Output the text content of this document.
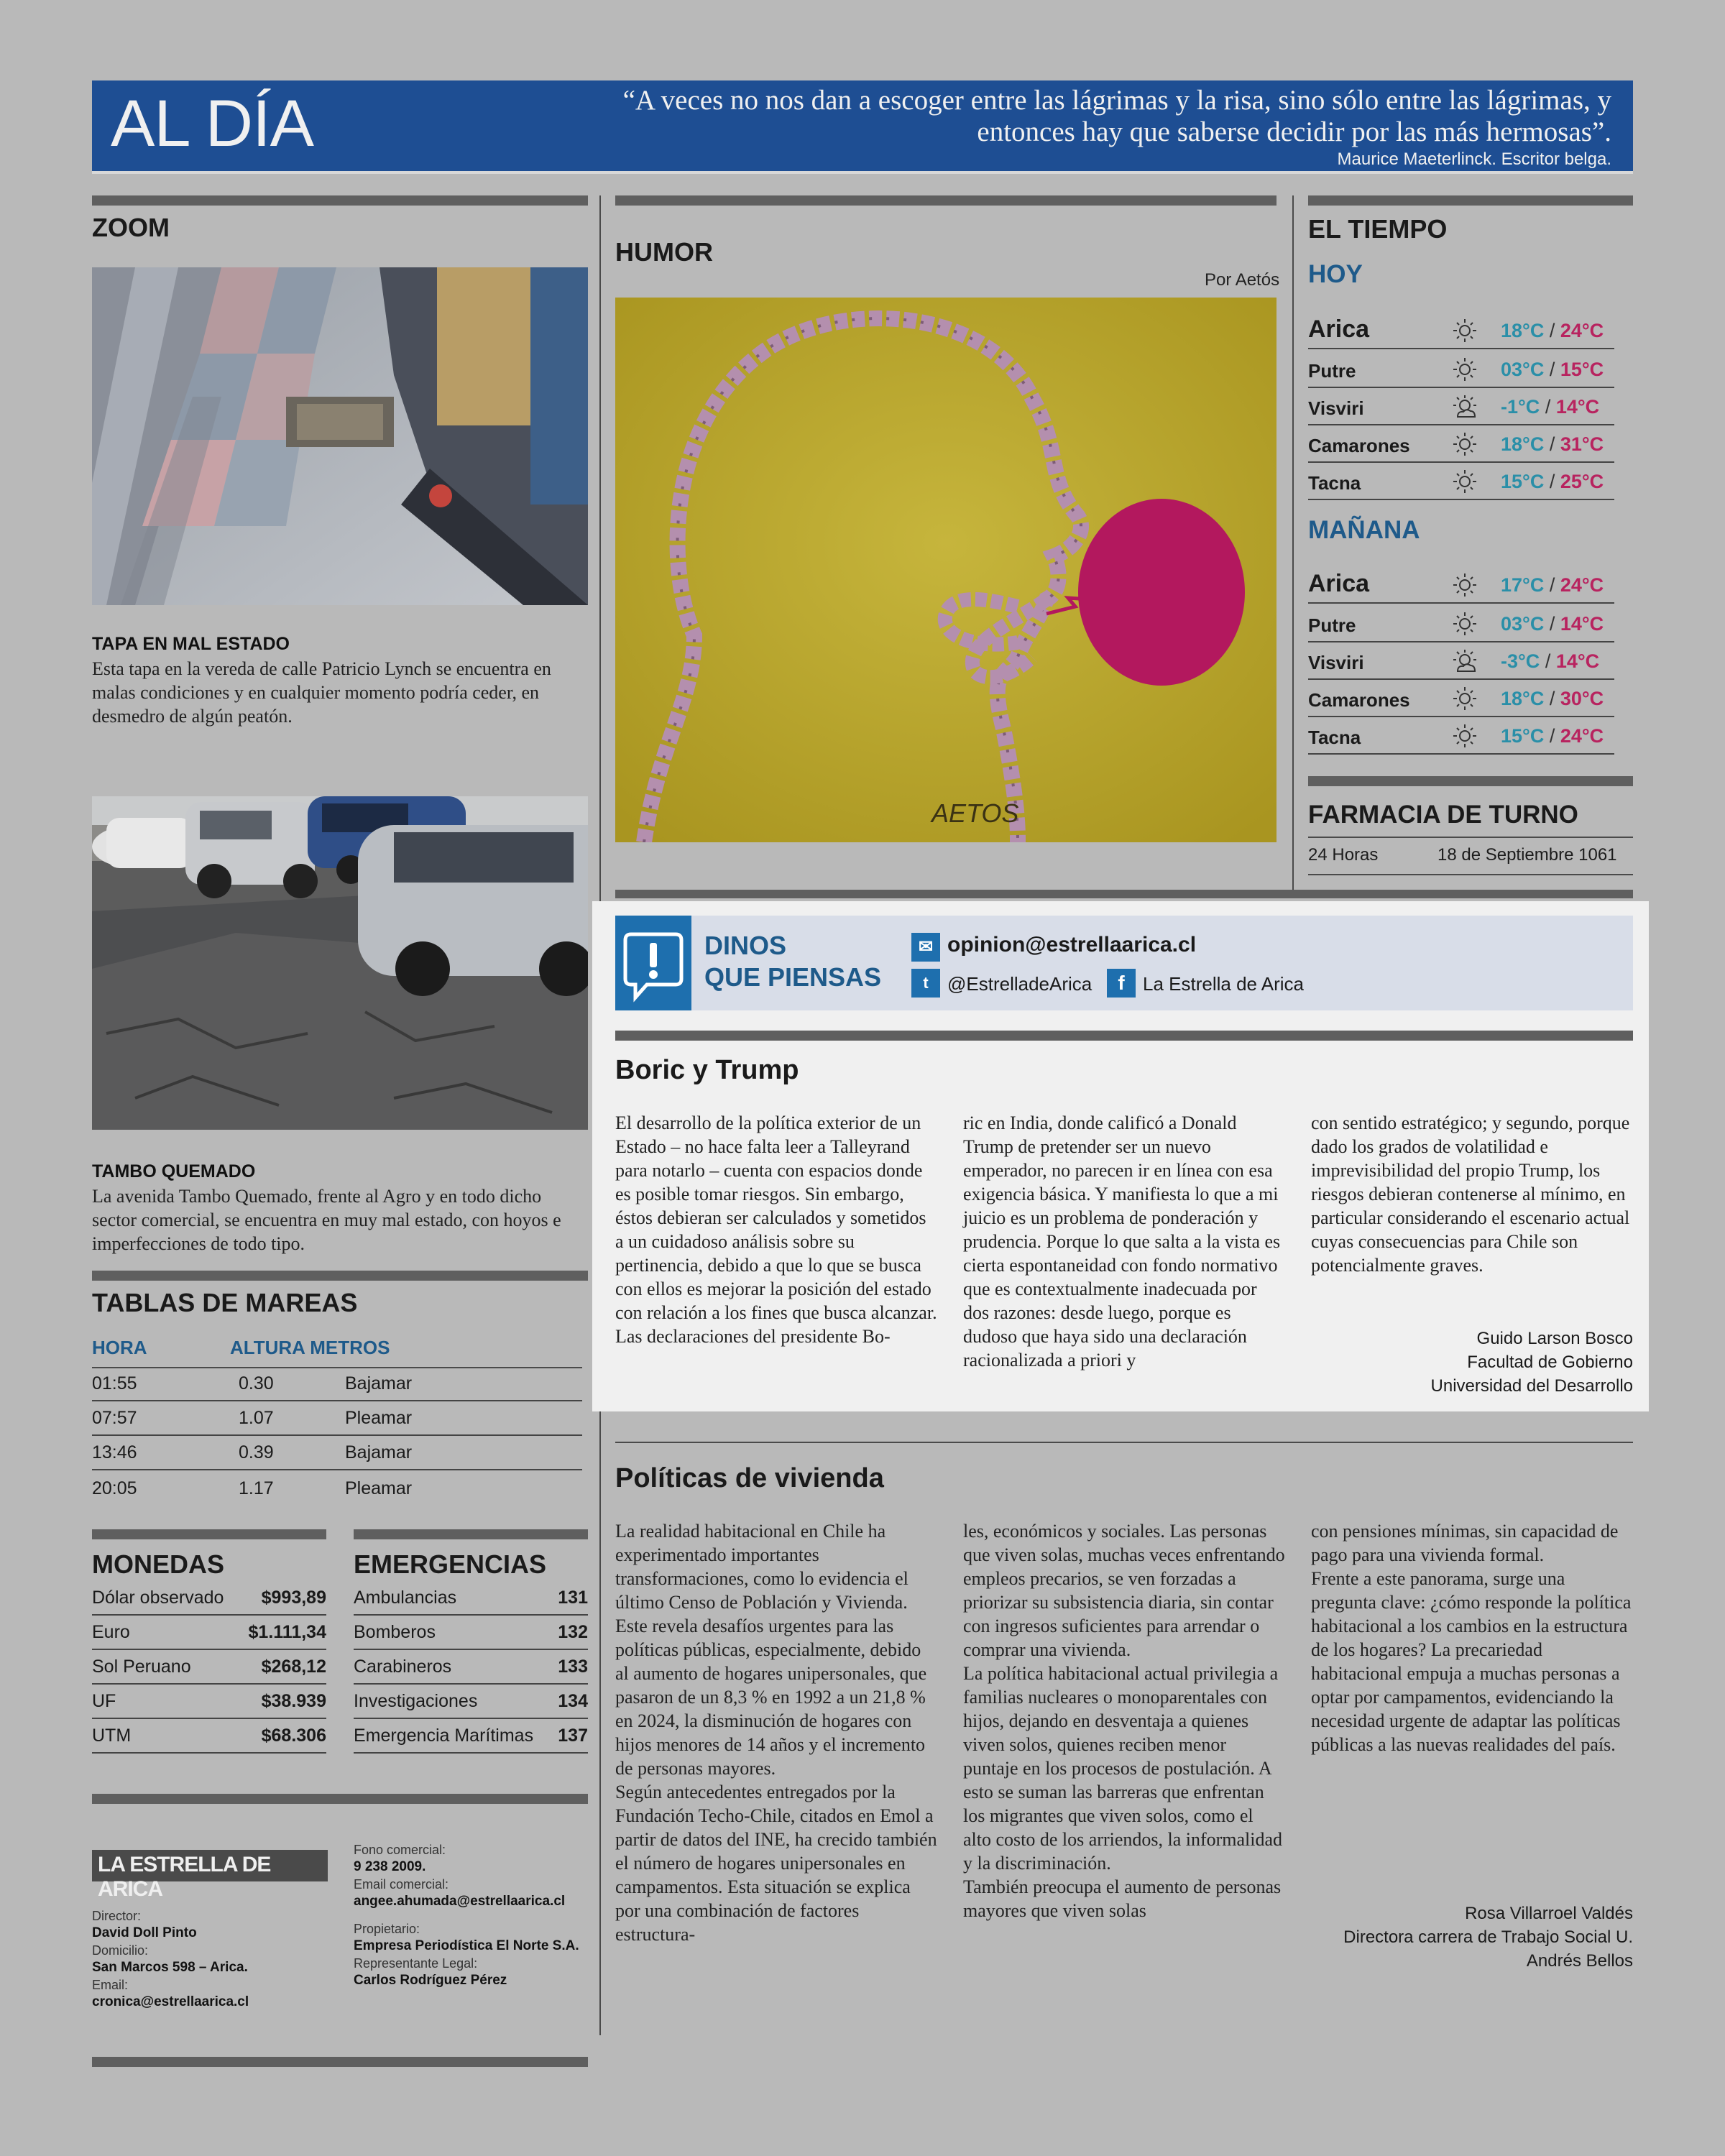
AL DÍA	“A veces no nos dan a escoger entre las lágrimas y la risa, sino sólo entre las lágrimas, y entonces hay que saberse decidir por las más hermosas”.
Maurice Maeterlinck. Escritor belga.
ZOOM
TAPA EN MAL ESTADO
Esta tapa en la vereda de calle Patricio Lynch se encuentra en malas condiciones y en cualquier momento podría ceder, en desmedro de algún peatón.
TAMBO QUEMADO
La avenida Tambo Quemado, frente al Agro y en todo dicho sector comercial, se encuentra en muy mal estado, con hoyos e imperfecciones de todo tipo.
TABLAS DE MAREAS
HORA	ALTURA METROS
01:55	0.30	Bajamar
07:57	1.07	Pleamar
13:46	0.39	Bajamar
20:05	1.17	Pleamar
MONEDAS
Dólar observado $993,89
Euro	$1.111,34
Sol Peruano	$268,12
UF	$38.939
UTM	$68.306
EMERGENCIAS
Ambulancias	131
Bomberos	132
Carabineros	133
Investigaciones	134
Emergencia Marítimas 137
LA ESTRELLA DE ARICA
Director:
David Doll Pinto
Domicilio:
San Marcos 598 – Arica.
Email:
cronica@estrellaarica.cl
Fono comercial:
9 238 2009.
Email comercial:
angee.ahumada@estrellaarica.cl
Propietario:
Empresa Periodística El Norte S.A.
Representante Legal:
Carlos Rodríguez Pérez
HUMOR
Por Aetós
AETOS
EL TIEMPO
HOY
Arica	18°C / 24°C
Putre	03°C / 15°C
Visviri	-1°C / 14°C
Camarones	18°C / 31°C
Tacna	15°C / 25°C
MAÑANA
Arica	17°C / 24°C
Putre	03°C / 14°C
Visviri	-3°C / 14°C
Camarones	18°C / 30°C
Tacna	15°C / 24°C
FARMACIA DE TURNO
24 Horas	18 de Septiembre 1061
DINOS
QUE PIENSAS
✉ opinion@estrellaarica.cl
t	@EstrelladeArica	f La Estrella de Arica
Boric y Trump
El desarrollo de la política exterior de un Estado – no hace falta leer a Talleyrand para notarlo – cuenta con espacios donde es posible tomar riesgos. Sin embargo, éstos debieran ser calculados y sometidos a un cuidadoso análisis sobre su pertinencia, debido a que lo que se busca con ellos es mejorar la posición del estado con relación a los fines que busca alcanzar.
Las declaraciones del presidente Bo-
ric en India, donde calificó a Donald Trump de pretender ser un nuevo emperador, no parecen ir en línea con esa exigencia básica. Y manifiesta lo que a mi juicio es un problema de ponderación y prudencia. Porque lo que salta a la vista es cierta espontaneidad con fondo normativo que es contextualmente inadecuada por dos razones: desde luego, porque es dudoso que haya sido una declaración racionalizada a priori y
con sentido estratégico; y segundo, porque dado los grados de volatilidad e imprevisibilidad del propio Trump, los riesgos debieran contenerse al mínimo, en particular considerando el escenario actual cuyas consecuencias para Chile son potencialmente graves.
Guido Larson Bosco
Facultad de Gobierno
Universidad del Desarrollo
Políticas de vivienda
La realidad habitacional en Chile ha experimentado importantes transformaciones, como lo evidencia el último Censo de Población y Vivienda. Este revela desafíos urgentes para las políticas públicas, especialmente, debido al aumento de hogares unipersonales, que pasaron de un 8,3 % en 1992 a un 21,8 % en 2024, la disminución de hogares con hijos menores de 14 años y el incremento de personas mayores.
Según antecedentes entregados por la Fundación Techo-Chile, citados en Emol a partir de datos del INE, ha crecido también el número de hogares unipersonales en campamentos. Esta situación se explica por una combinación de factores estructura-
les, económicos y sociales. Las personas que viven solas, muchas veces enfrentando empleos precarios, se ven forzadas a priorizar su subsistencia diaria, sin contar con ingresos suficientes para arrendar o comprar una vivienda.
La política habitacional actual privilegia a familias nucleares o monoparentales con hijos, dejando en desventaja a quienes viven solos, quienes reciben menor puntaje en los procesos de postulación. A esto se suman las barreras que enfrentan los migrantes que viven solos, como el alto costo de los arriendos, la informalidad y la discriminación.
También preocupa el aumento de personas mayores que viven solas
con pensiones mínimas, sin capacidad de pago para una vivienda formal.
Frente a este panorama, surge una pregunta clave: ¿cómo responde la política habitacional a los cambios en la estructura de los hogares? La precariedad habitacional empuja a muchas personas a optar por campamentos, evidenciando la necesidad urgente de adaptar las políticas públicas a las nuevas realidades del país.
Rosa Villarroel Valdés
Directora carrera de Trabajo Social U.
Andrés Bellos
